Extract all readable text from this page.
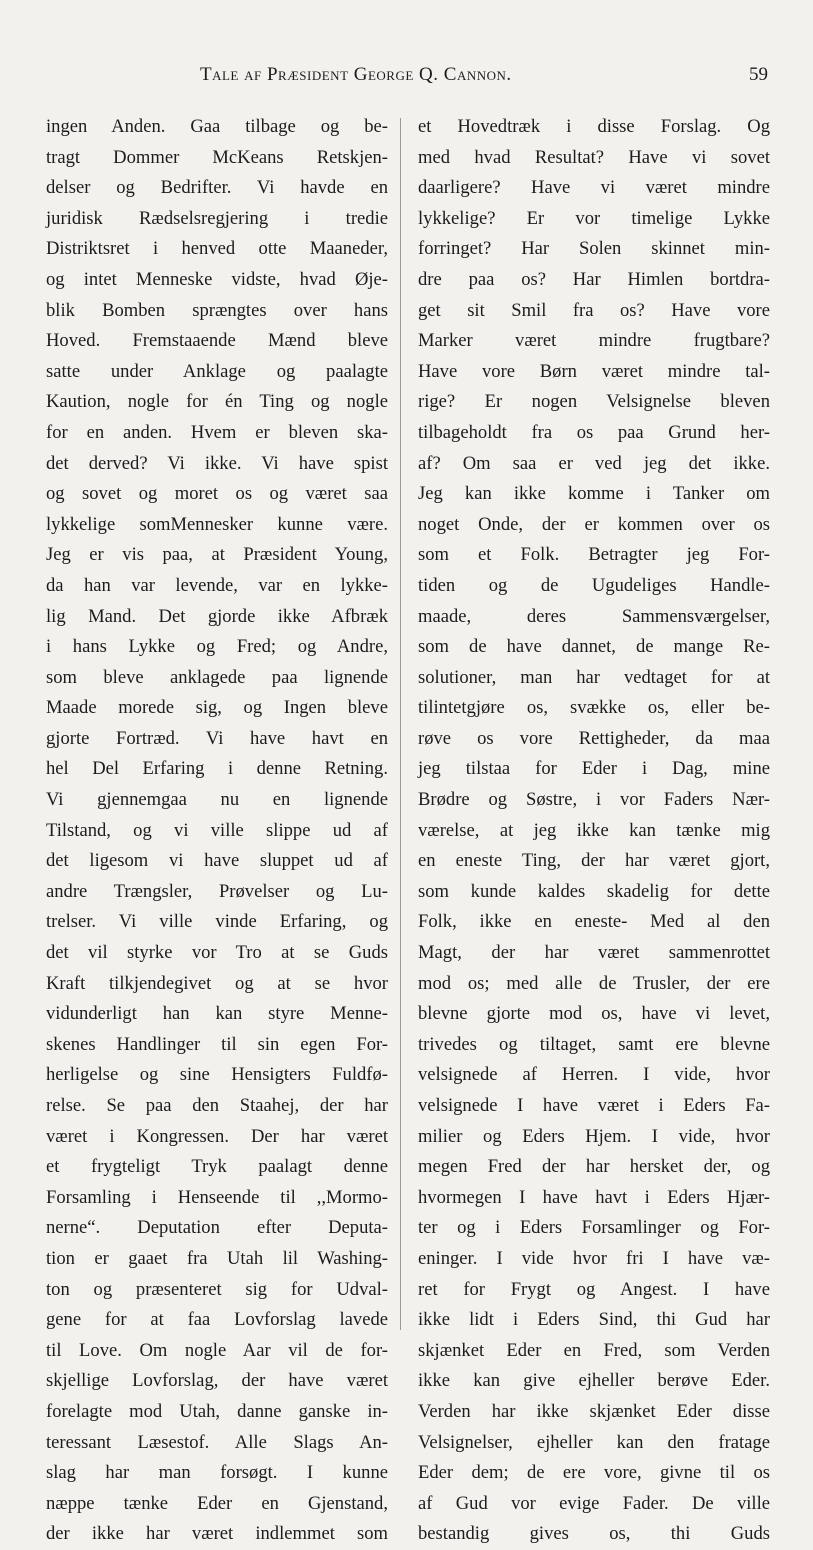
Tale af Præsident George Q. Cannon.	59
ingen Anden. Gaa tilbage og be-
tragt Dommer McKeans Retskjen-
delser og Bedrifter. Vi havde en
juridisk Rædselsregjering i tredie
Distriktsret i henved otte Maaneder,
og intet Menneske vidste, hvad Øje-
blik Bomben sprængtes over hans
Hoved. Fremstaaende Mænd bleve
satte under Anklage og paalagte
Kaution, nogle for én Ting og nogle
for en anden. Hvem er bleven ska-
det derved? Vi ikke. Vi have spist
og sovet og moret os og været saa
lykkelige somMennesker kunne være.
Jeg er vis paa, at Præsident Young,
da han var levende, var en lykke-
lig Mand. Det gjorde ikke Afbræk
i hans Lykke og Fred; og Andre,
som bleve anklagede paa lignende
Maade morede sig, og Ingen bleve
gjorte Fortræd. Vi have havt en
hel Del Erfaring i denne Retning.
Vi gjennemgaa nu en lignende
Tilstand, og vi ville slippe ud af
det ligesom vi have sluppet ud af
andre Trængsler, Prøvelser og Lu-
trelser. Vi ville vinde Erfaring, og
det vil styrke vor Tro at se Guds
Kraft tilkjendegivet og at se hvor
vidunderligt han kan styre Menne-
skenes Handlinger til sin egen For-
herligelse og sine Hensigters Fuldfø-
relse. Se paa den Staahej, der har
været i Kongressen. Der har været
et frygteligt Tryk paalagt denne
Forsamling i Henseende til ,,Mormo-
nerne“. Deputation efter Deputa-
tion er gaaet fra Utah lil Washing-
ton og præsenteret sig for Udval-
gene for at faa Lovforslag lavede
til Love. Om nogle Aar vil de for-
skjellige Lovforslag, der have været
forelagte mod Utah, danne ganske in-
teressant Læsestof. Alle Slags An-
slag har man forsøgt. I kunne
næppe tænke Eder en Gjenstand,
der ikke har været indlemmet som
et Hovedtræk i disse Forslag. Og
med hvad Resultat? Have vi sovet
daarligere? Have vi været mindre
lykkelige? Er vor timelige Lykke
forringet? Har Solen skinnet min-
dre paa os? Har Himlen bortdra-
get sit Smil fra os? Have vore
Marker været mindre frugtbare?
Have vore Børn været mindre tal-
rige? Er nogen Velsignelse bleven
tilbageholdt fra os paa Grund her-
af? Om saa er ved jeg det ikke.
Jeg kan ikke komme i Tanker om
noget Onde, der er kommen over os
som et Folk. Betragter jeg For-
tiden og de Ugudeliges Handle-
maade, deres Sammensværgelser,
som de have dannet, de mange Re-
solutioner, man har vedtaget for at
tilintetgjøre os, svække os, eller be-
røve os vore Rettigheder, da maa
jeg tilstaa for Eder i Dag, mine
Brødre og Søstre, i vor Faders Nær-
værelse, at jeg ikke kan tænke mig
en eneste Ting, der har været gjort,
som kunde kaldes skadelig for dette
Folk, ikke en eneste- Med al den
Magt, der har været sammenrottet
mod os; med alle de Trusler, der ere
blevne gjorte mod os, have vi levet,
trivedes og tiltaget, samt ere blevne
velsignede af Herren. I vide, hvor
velsignede I have været i Eders Fa-
milier og Eders Hjem. I vide, hvor
megen Fred der har hersket der, og
hvormegen I have havt i Eders Hjær-
ter og i Eders Forsamlinger og For-
eninger. I vide hvor fri I have væ-
ret for Frygt og Angest. I have
ikke lidt i Eders Sind, thi Gud har
skjænket Eder en Fred, som Verden
ikke kan give ejheller berøve Eder.
Verden har ikke skjænket Eder disse
Velsignelser, ejheller kan den fratage
Eder dem; de ere vore, givne til os
af Gud vor evige Fader. De ville
bestandig gives os, thi Guds
